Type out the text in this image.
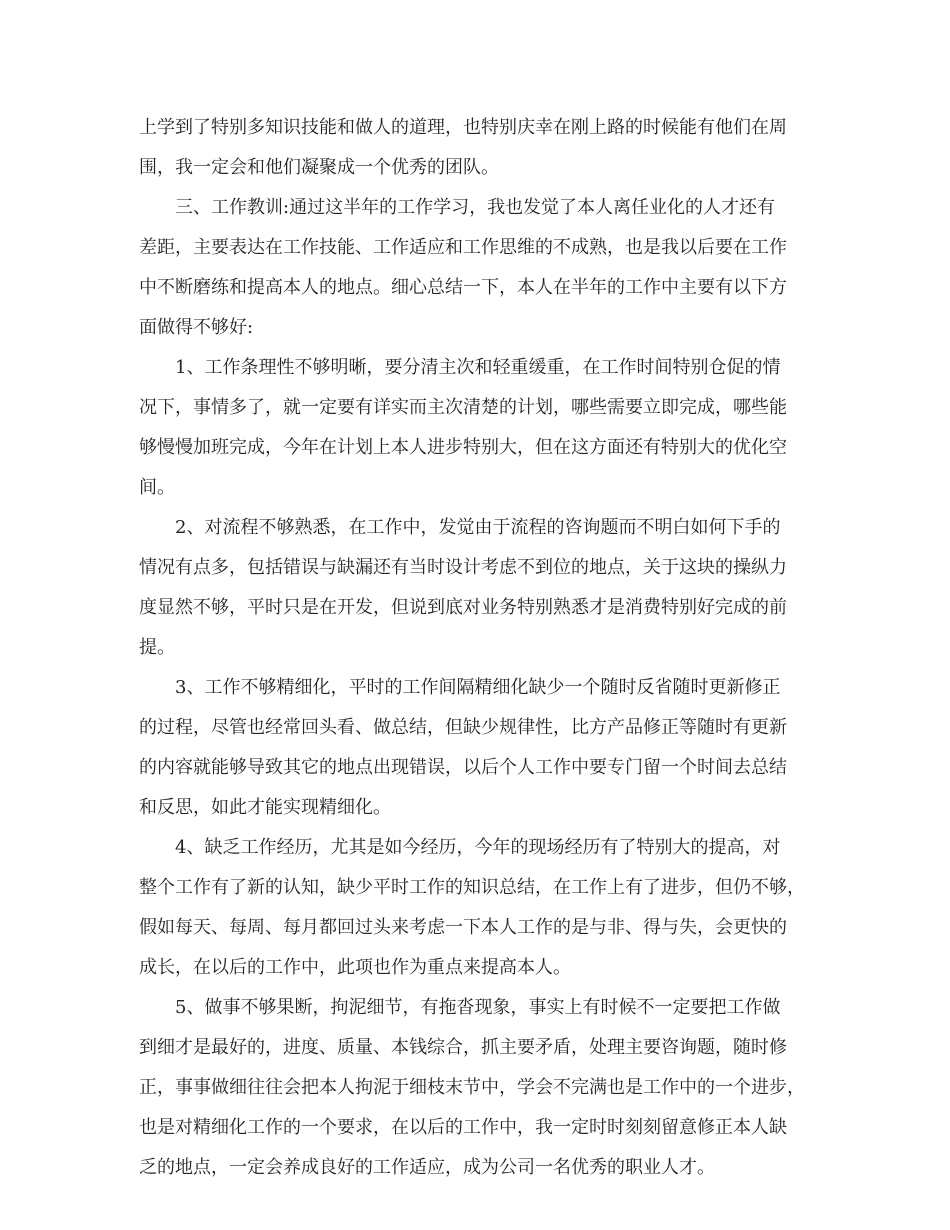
上学到了特别多知识技能和做人的道理，也特别庆幸在刚上路的时候能有他们在周
围，我一定会和他们凝聚成一个优秀的团队。
三、工作教训:通过这半年的工作学习，我也发觉了本人离任业化的人才还有
差距，主要表达在工作技能、工作适应和工作思维的不成熟，也是我以后要在工作
中不断磨练和提高本人的地点。细心总结一下，本人在半年的工作中主要有以下方
面做得不够好:
1、工作条理性不够明晰，要分清主次和轻重缓重，在工作时间特别仓促的情
况下，事情多了，就一定要有详实而主次清楚的计划，哪些需要立即完成，哪些能
够慢慢加班完成，今年在计划上本人进步特别大，但在这方面还有特别大的优化空
间。
2、对流程不够熟悉，在工作中，发觉由于流程的咨询题而不明白如何下手的
情况有点多，包括错误与缺漏还有当时设计考虑不到位的地点，关于这块的操纵力
度显然不够，平时只是在开发，但说到底对业务特别熟悉才是消费特别好完成的前
提。
3、工作不够精细化，平时的工作间隔精细化缺少一个随时反省随时更新修正
的过程，尽管也经常回头看、做总结，但缺少规律性，比方产品修正等随时有更新
的内容就能够导致其它的地点出现错误，以后个人工作中要专门留一个时间去总结
和反思，如此才能实现精细化。
4、缺乏工作经历，尤其是如今经历，今年的现场经历有了特别大的提高，对
整个工作有了新的认知，缺少平时工作的知识总结，在工作上有了进步，但仍不够，
假如每天、每周、每月都回过头来考虑一下本人工作的是与非、得与失，会更快的
成长，在以后的工作中，此项也作为重点来提高本人。
5、做事不够果断，拘泥细节，有拖沓现象，事实上有时候不一定要把工作做
到细才是最好的，进度、质量、本钱综合，抓主要矛盾，处理主要咨询题，随时修
正，事事做细往往会把本人拘泥于细枝末节中，学会不完满也是工作中的一个进步，
也是对精细化工作的一个要求，在以后的工作中，我一定时时刻刻留意修正本人缺
乏的地点，一定会养成良好的工作适应，成为公司一名优秀的职业人才。
